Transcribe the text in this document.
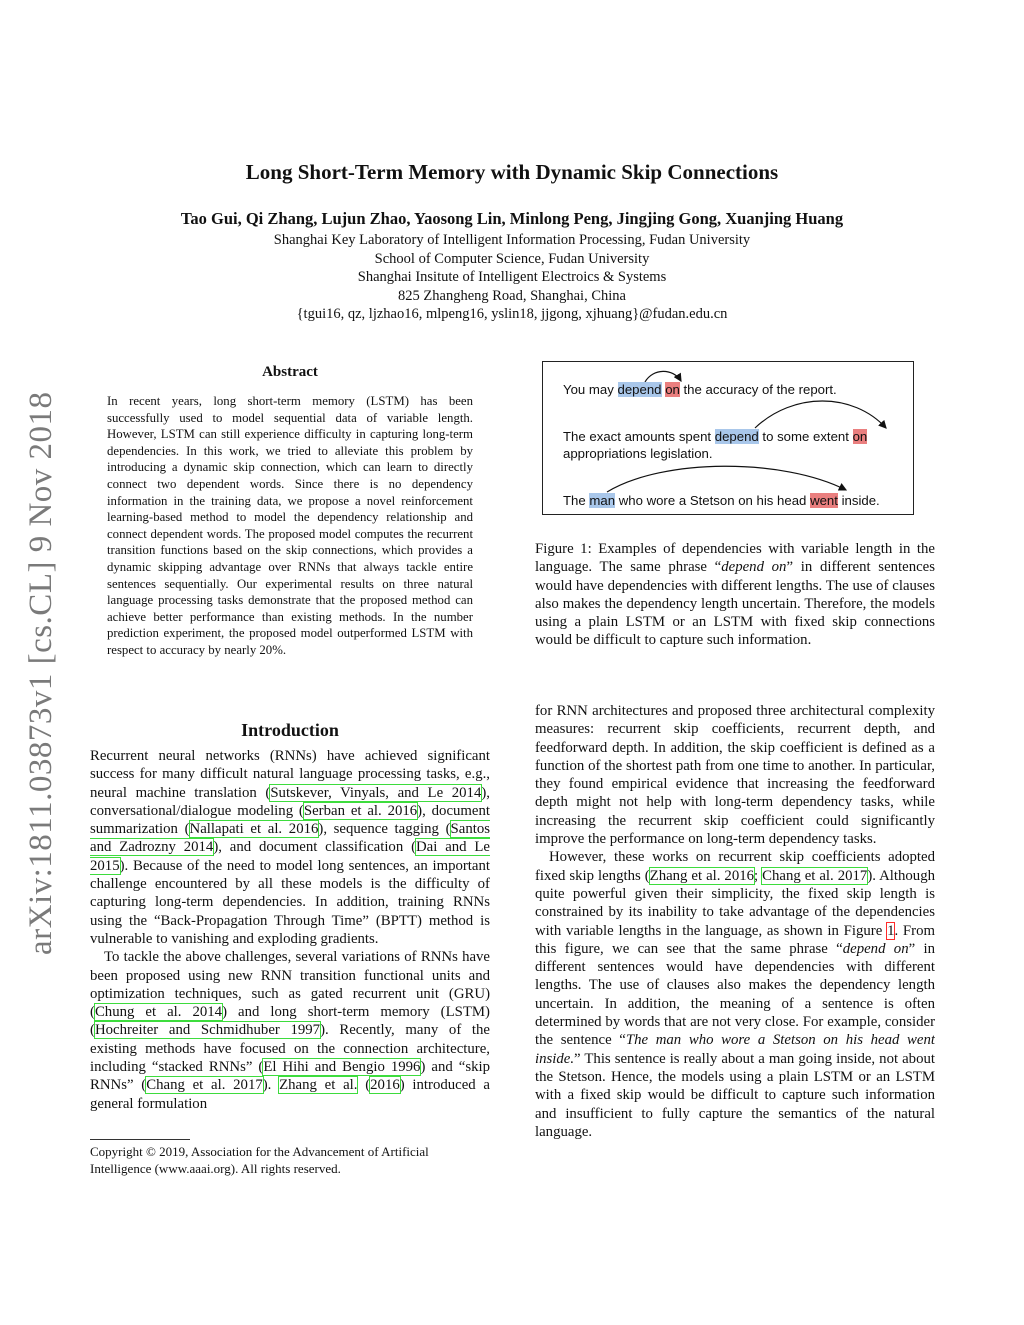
arXiv:1811.03873v1 [cs.CL] 9 Nov 2018
Long Short-Term Memory with Dynamic Skip Connections
Tao Gui, Qi Zhang, Lujun Zhao, Yaosong Lin, Minlong Peng, Jingjing Gong, Xuanjing Huang
Shanghai Key Laboratory of Intelligent Information Processing, Fudan University
School of Computer Science, Fudan University
Shanghai Insitute of Intelligent Electroics & Systems
825 Zhangheng Road, Shanghai, China
{tgui16, qz, ljzhao16, mlpeng16, yslin18, jjgong, xjhuang}@fudan.edu.cn
Abstract
In recent years, long short-term memory (LSTM) has been successfully used to model sequential data of variable length. However, LSTM can still experience difficulty in capturing long-term dependencies. In this work, we tried to alleviate this problem by introducing a dynamic skip connection, which can learn to directly connect two dependent words. Since there is no dependency information in the training data, we propose a novel reinforcement learning-based method to model the dependency relationship and connect dependent words. The proposed model computes the recurrent transition functions based on the skip connections, which provides a dynamic skipping advantage over RNNs that always tackle entire sentences sequentially. Our experimental results on three natural language processing tasks demonstrate that the proposed method can achieve better performance than existing methods. In the number prediction experiment, the proposed model outperformed LSTM with respect to accuracy by nearly 20%.
Introduction

Recurrent neural networks (RNNs) have achieved significant success for many difficult natural language processing tasks, e.g., neural machine translation (Sutskever, Vinyals, and Le 2014), conversational/dialogue modeling (Serban et al. 2016), document summarization (Nallapati et al. 2016), sequence tagging (Santos and Zadrozny 2014), and document classification (Dai and Le 2015). Because of the need to model long sentences, an important challenge encountered by all these models is the difficulty of capturing long-term dependencies. In addition, training RNNs using the “Back-Propagation Through Time” (BPTT) method is vulnerable to vanishing and exploding gradients.

To tackle the above challenges, several variations of RNNs have been proposed using new RNN transition functional units and optimization techniques, such as gated recurrent unit (GRU) (Chung et al. 2014) and long short-term memory (LSTM) (Hochreiter and Schmidhuber 1997). Recently, many of the existing methods have focused on the connection architecture, including “stacked RNNs” (El Hihi and Bengio 1996) and “skip RNNs” (Chang et al. 2017). Zhang et al. (2016) introduced a general formulation

Copyright © 2019, Association for the Advancement of Artificial Intelligence (www.aaai.org). All rights reserved.
You may depend on the accuracy of the report.
The exact amounts spent depend to some extent on
appropriations legislation.
The man who wore a Stetson on his head went inside.
Figure 1: Examples of dependencies with variable length in the language. The same phrase “depend on” in different sentences would have dependencies with different lengths. The use of clauses also makes the dependency length uncertain. Therefore, the models using a plain LSTM or an LSTM with fixed skip connections would be difficult to capture such information.

for RNN architectures and proposed three architectural complexity measures: recurrent skip coefficients, recurrent depth, and feedforward depth. In addition, the skip coefficient is defined as a function of the shortest path from one time to another. In particular, they found empirical evidence that increasing the feedforward depth might not help with long-term dependency tasks, while increasing the recurrent skip coefficient could significantly improve the performance on long-term dependency tasks.

However, these works on recurrent skip coefficients adopted fixed skip lengths (Zhang et al. 2016; Chang et al. 2017). Although quite powerful given their simplicity, the fixed skip length is constrained by its inability to take advantage of the dependencies with variable lengths in the language, as shown in Figure 1. From this figure, we can see that the same phrase “depend on” in different sentences would have dependencies with different lengths. The use of clauses also makes the dependency length uncertain. In addition, the meaning of a sentence is often determined by words that are not very close. For example, consider the sentence “The man who wore a Stetson on his head went inside.” This sentence is really about a man going inside, not about the Stetson. Hence, the models using a plain LSTM or an LSTM with a fixed skip would be difficult to capture such information and insufficient to fully capture the semantics of the natural language.
